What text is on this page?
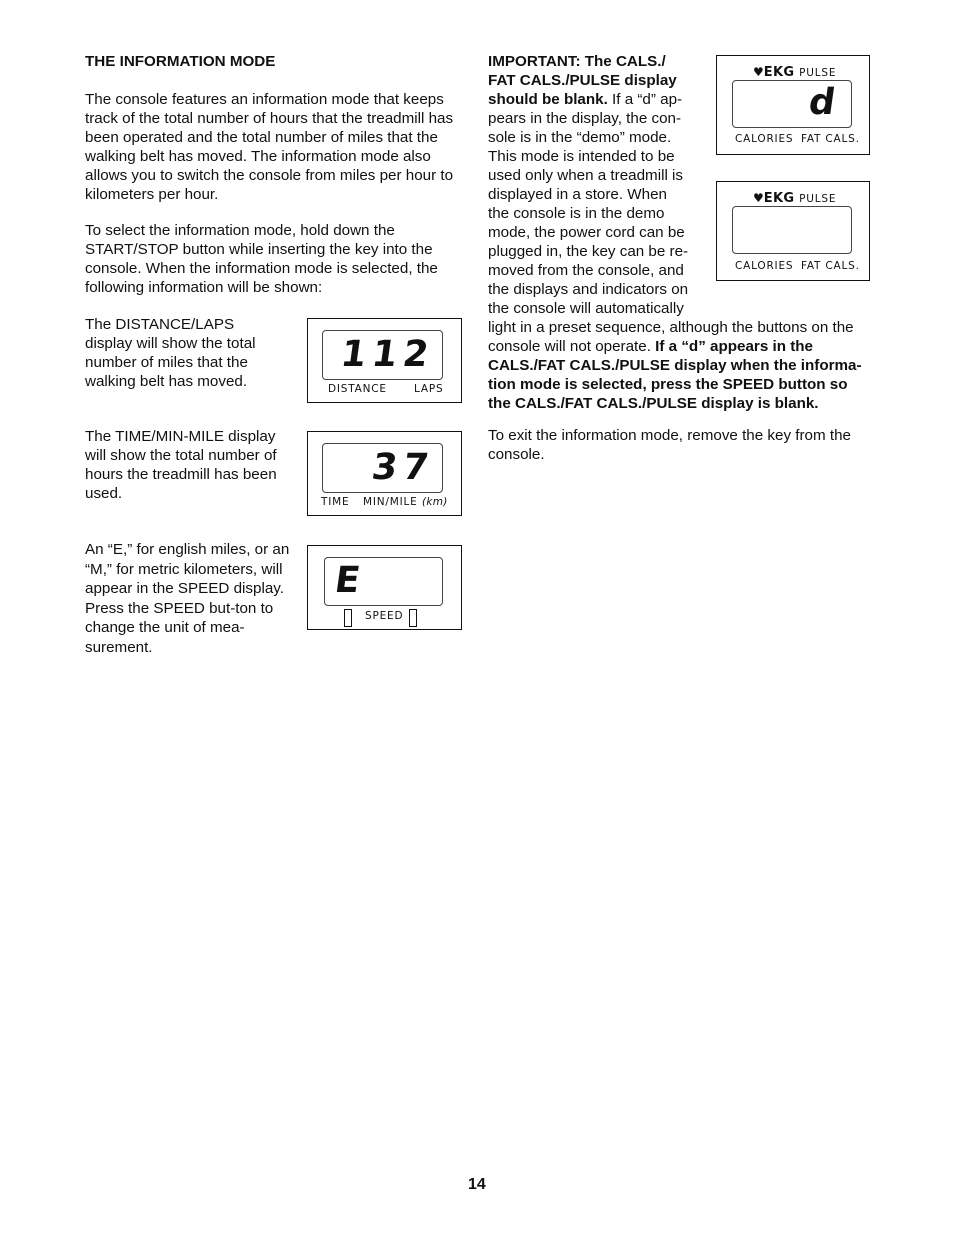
THE INFORMATION MODE

The console features an information mode that keeps track of the total number of hours that the treadmill has been operated and the total number of miles that the walking belt has moved. The information mode also allows you to switch the console from miles per hour to kilometers per hour.

To select the information mode, hold down the START/STOP button while inserting the key into the console. When the information mode is selected, the following information will be shown:

The DISTANCE/LAPS display will show the total number of miles that the walking belt has moved.

The TIME/MIN-MILE display will show the total number of hours the treadmill has been used.

An “E,” for english miles, or an “M,” for metric kilometers, will appear in the SPEED display. Press the SPEED but-ton to change the unit of mea-surement.

112
DISTANCE	LAPS
37
TIME MIN/MILE (km)
E
SPEED
IMPORTANT: The CALS./ FAT CALS./PULSE display should be blank. If a “d” ap-pears in the display, the con-sole is in the “demo” mode. This mode is intended to be used only when a treadmill is displayed in a store. When the console is in the demo mode, the power cord can be plugged in, the key can be re-moved from the console, and the displays and indicators on the console will automatically light in a preset sequence, although the buttons on the console will not operate. If a “d” appears in the CALS./FAT CALS./PULSE display when the informa-tion mode is selected, press the SPEED button so the CALS./FAT CALS./PULSE display is blank.

To exit the information mode, remove the key from the console.

♥EKG PULSE
d
CALORIES FAT CALS.
♥EKG PULSE
CALORIES FAT CALS.
14
